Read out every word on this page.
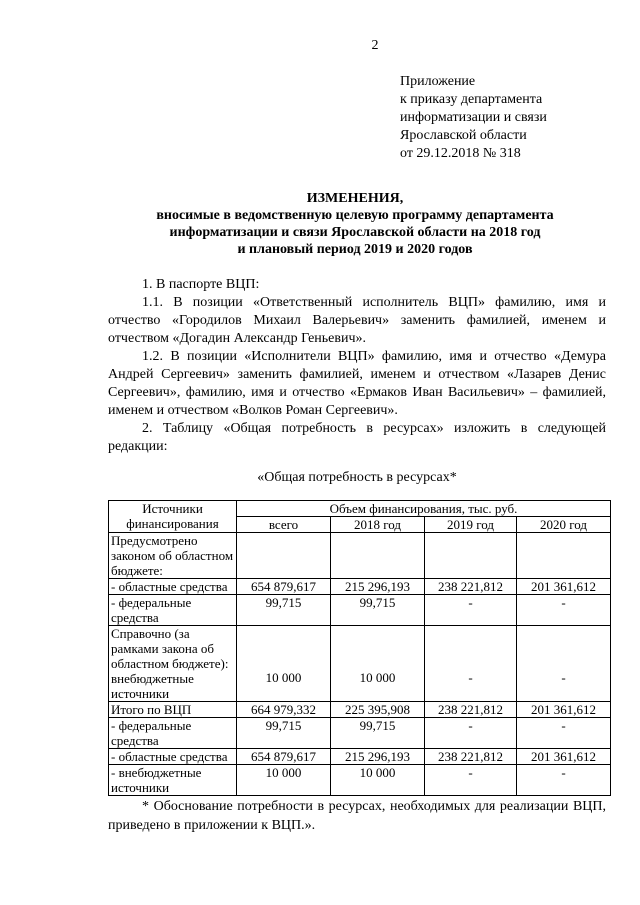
2
Приложение
к приказу департамента
информатизации и связи
Ярославской области
от 29.12.2018 № 318
ИЗМЕНЕНИЯ,
вносимые в ведомственную целевую программу департамента
информатизации и связи Ярославской области на 2018 год
и плановый период 2019 и 2020 годов

1. В паспорте ВЦП:

1.1. В позиции «Ответственный исполнитель ВЦП» фамилию, имя и отчество «Городилов Михаил Валерьевич» заменить фамилией, именем и отчеством «Догадин Александр Геньевич».

1.2. В позиции «Исполнители ВЦП» фамилию, имя и отчество «Демура Андрей Сергеевич» заменить фамилией, именем и отчеством «Лазарев Денис Сергеевич», фамилию, имя и отчество «Ермаков Иван Васильевич» – фамилией, именем и отчеством «Волков Роман Сергеевич».

2. Таблицу «Общая потребность в ресурсах» изложить в следующей редакции:

«Общая потребность в ресурсах*
Источники финансирования	Объем финансирования, тыс. руб.			
	всего	2018 год	2019 год	2020 год
Предусмотрено законом об областном бюджете:				
- областные средства	654 879,617	215 296,193	238 221,812	201 361,612
- федеральные средства	99,715	99,715	-	-
Справочно (за рамками закона об областном бюджете): внебюджетные источники	10 000	10 000	-	-
Итого по ВЦП	664 979,332	225 395,908	238 221,812	201 361,612
- федеральные средства	99,715	99,715	-	-
- областные средства	654 879,617	215 296,193	238 221,812	201 361,612
- внебюджетные источники	10 000	10 000	-	-

* Обоснование потребности в ресурсах, необходимых для реализации ВЦП, приведено в приложении к ВЦП.».
